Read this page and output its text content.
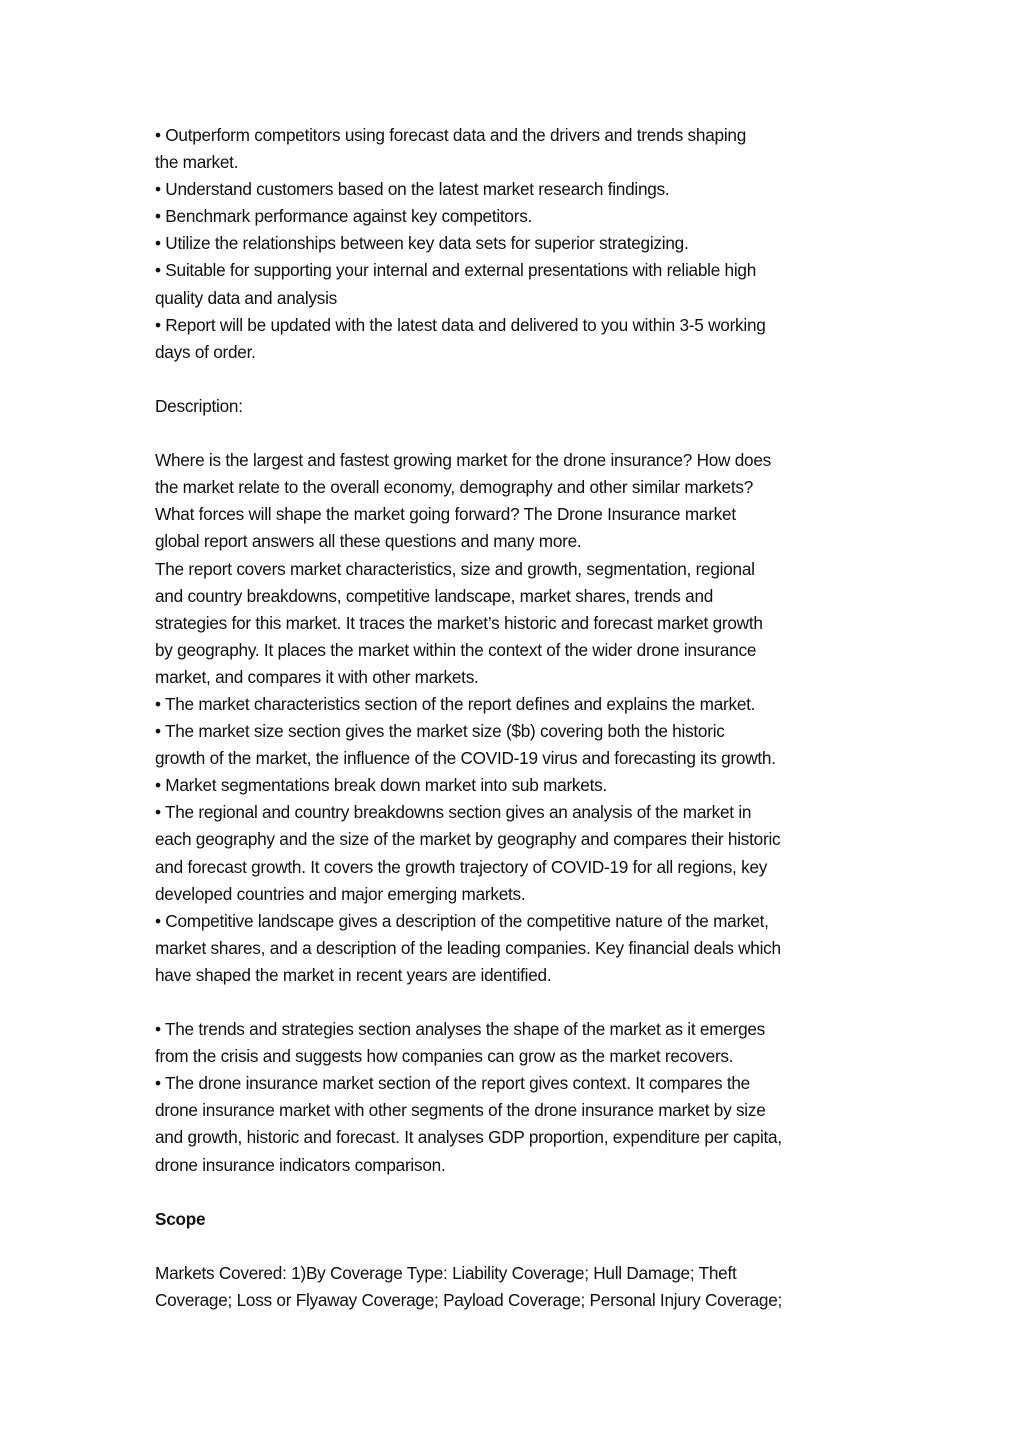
• Outperform competitors using forecast data and the drivers and trends shaping
the market.
• Understand customers based on the latest market research findings.
• Benchmark performance against key competitors.
• Utilize the relationships between key data sets for superior strategizing.
• Suitable for supporting your internal and external presentations with reliable high
quality data and analysis
• Report will be updated with the latest data and delivered to you within 3-5 working
days of order.
Description:
Where is the largest and fastest growing market for the drone insurance? How does
the market relate to the overall economy, demography and other similar markets?
What forces will shape the market going forward? The Drone Insurance market
global report answers all these questions and many more.
The report covers market characteristics, size and growth, segmentation, regional
and country breakdowns, competitive landscape, market shares, trends and
strategies for this market. It traces the market’s historic and forecast market growth
by geography. It places the market within the context of the wider drone insurance
market, and compares it with other markets.
• The market characteristics section of the report defines and explains the market.
• The market size section gives the market size ($b) covering both the historic
growth of the market, the influence of the COVID-19 virus and forecasting its growth.
• Market segmentations break down market into sub markets.
• The regional and country breakdowns section gives an analysis of the market in
each geography and the size of the market by geography and compares their historic
and forecast growth. It covers the growth trajectory of COVID-19 for all regions, key
developed countries and major emerging markets.
• Competitive landscape gives a description of the competitive nature of the market,
market shares, and a description of the leading companies. Key financial deals which
have shaped the market in recent years are identified.
• The trends and strategies section analyses the shape of the market as it emerges
from the crisis and suggests how companies can grow as the market recovers.
• The drone insurance market section of the report gives context. It compares the
drone insurance market with other segments of the drone insurance market by size
and growth, historic and forecast. It analyses GDP proportion, expenditure per capita,
drone insurance indicators comparison.
Scope
Markets Covered: 1)By Coverage Type: Liability Coverage; Hull Damage; Theft
Coverage; Loss or Flyaway Coverage; Payload Coverage; Personal Injury Coverage;
